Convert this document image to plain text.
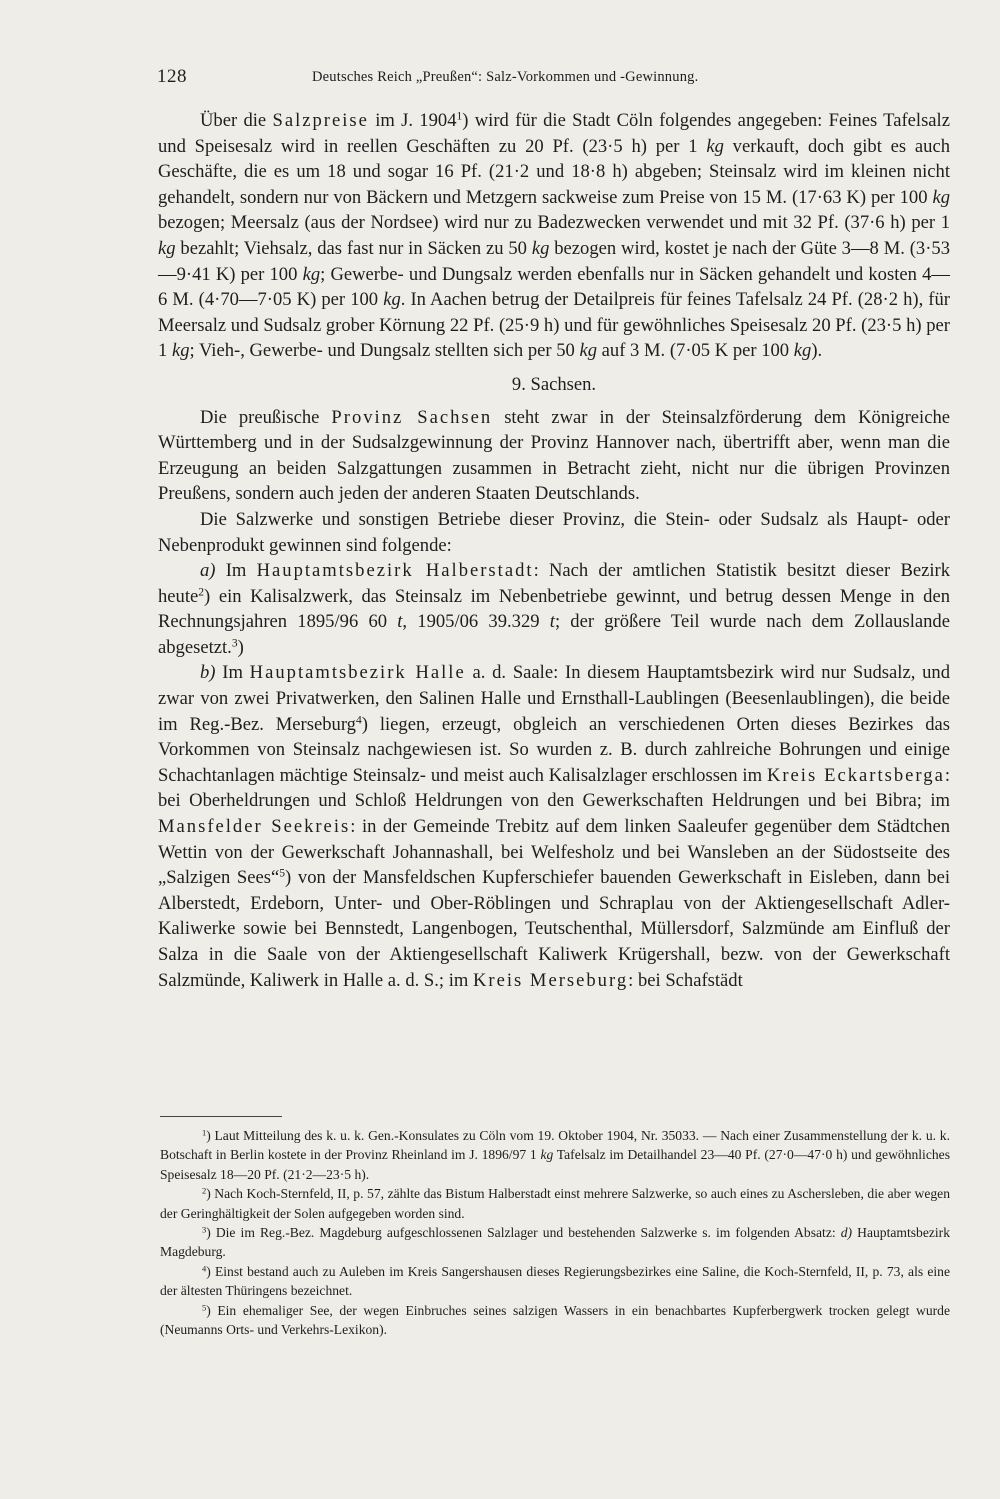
128	Deutsches Reich „Preußen“: Salz-Vorkommen und -Gewinnung.

Über die Salzpreise im J. 1904$^1$) wird für die Stadt Cöln folgendes angegeben: Feines Tafelsalz und Speisesalz wird in reellen Geschäften zu 20 Pf. (23·5 h) per 1 kg verkauft, doch gibt es auch Geschäfte, die es um 18 und sogar 16 Pf. (21·2 und 18·8 h) abgeben; Steinsalz wird im kleinen nicht gehandelt, sondern nur von Bäckern und Metzgern sackweise zum Preise von 15 M. (17·63 K) per 100 kg bezogen; Meersalz (aus der Nordsee) wird nur zu Badezwecken verwendet und mit 32 Pf. (37·6 h) per 1 kg bezahlt; Viehsalz, das fast nur in Säcken zu 50 kg bezogen wird, kostet je nach der Güte 3—8 M. (3·53—9·41 K) per 100 kg; Gewerbe- und Dungsalz werden ebenfalls nur in Säcken gehandelt und kosten 4—6 M. (4·70—7·05 K) per 100 kg. In Aachen betrug der Detailpreis für feines Tafelsalz 24 Pf. (28·2 h), für Meersalz und Sudsalz grober Körnung 22 Pf. (25·9 h) und für gewöhnliches Speisesalz 20 Pf. (23·5 h) per 1 kg; Vieh-, Gewerbe- und Dungsalz stellten sich per 50 kg auf 3 M. (7·05 K per 100 kg).

9. Sachsen.

Die preußische Provinz Sachsen steht zwar in der Steinsalzförderung dem Königreiche Württemberg und in der Sudsalzgewinnung der Provinz Hannover nach, übertrifft aber, wenn man die Erzeugung an beiden Salzgattungen zusammen in Betracht zieht, nicht nur die übrigen Provinzen Preußens, sondern auch jeden der anderen Staaten Deutschlands.

Die Salzwerke und sonstigen Betriebe dieser Provinz, die Stein- oder Sudsalz als Haupt- oder Nebenprodukt gewinnen sind folgende:

a) Im Hauptamtsbezirk Halberstadt: Nach der amtlichen Statistik besitzt dieser Bezirk heute$^2$) ein Kalisalzwerk, das Steinsalz im Nebenbetriebe gewinnt, und betrug dessen Menge in den Rechnungsjahren 1895/96 60 t, 1905/06 39.329 t; der größere Teil wurde nach dem Zollauslande abgesetzt.$^3$)

b) Im Hauptamtsbezirk Halle a. d. Saale: In diesem Hauptamtsbezirk wird nur Sudsalz, und zwar von zwei Privatwerken, den Salinen Halle und Ernsthall-Laublingen (Beesenlaublingen), die beide im Reg.-Bez. Merseburg$^4$) liegen, erzeugt, obgleich an verschiedenen Orten dieses Bezirkes das Vorkommen von Steinsalz nachgewiesen ist. So wurden z. B. durch zahlreiche Bohrungen und einige Schachtanlagen mächtige Steinsalz- und meist auch Kalisalzlager erschlossen im Kreis Eckartsberga: bei Oberheldrungen und Schloß Heldrungen von den Gewerkschaften Heldrungen und bei Bibra; im Mansfelder Seekreis: in der Gemeinde Trebitz auf dem linken Saaleufer gegenüber dem Städtchen Wettin von der Gewerkschaft Johannashall, bei Welfesholz und bei Wansleben an der Südostseite des „Salzigen Sees“$^5$) von der Mansfeldschen Kupferschiefer bauenden Gewerkschaft in Eisleben, dann bei Alberstedt, Erdeborn, Unter- und Ober-Röblingen und Schraplau von der Aktiengesellschaft Adler-Kaliwerke sowie bei Bennstedt, Langenbogen, Teutschenthal, Müllersdorf, Salzmünde am Einfluß der Salza in die Saale von der Aktiengesellschaft Kaliwerk Krügershall, bezw. von der Gewerkschaft Salzmünde, Kaliwerk in Halle a. d. S.; im Kreis Merseburg: bei Schafstädt

$^1$) Laut Mitteilung des k. u. k. Gen.-Konsulates zu Cöln vom 19. Oktober 1904, Nr. 35033. — Nach einer Zusammenstellung der k. u. k. Botschaft in Berlin kostete in der Provinz Rheinland im J. 1896/97 1 kg Tafelsalz im Detailhandel 23—40 Pf. (27·0—47·0 h) und gewöhnliches Speisesalz 18—20 Pf. (21·2—23·5 h).

$^2$) Nach Koch-Sternfeld, II, p. 57, zählte das Bistum Halberstadt einst mehrere Salzwerke, so auch eines zu Aschersleben, die aber wegen der Geringhältigkeit der Solen aufgegeben worden sind.

$^3$) Die im Reg.-Bez. Magdeburg aufgeschlossenen Salzlager und bestehenden Salzwerke s. im folgenden Absatz: d) Hauptamtsbezirk Magdeburg.

$^4$) Einst bestand auch zu Auleben im Kreis Sangershausen dieses Regierungsbezirkes eine Saline, die Koch-Sternfeld, II, p. 73, als eine der ältesten Thüringens bezeichnet.

$^5$) Ein ehemaliger See, der wegen Einbruches seines salzigen Wassers in ein benachbartes Kupferbergwerk trocken gelegt wurde (Neumanns Orts- und Verkehrs-Lexikon).
